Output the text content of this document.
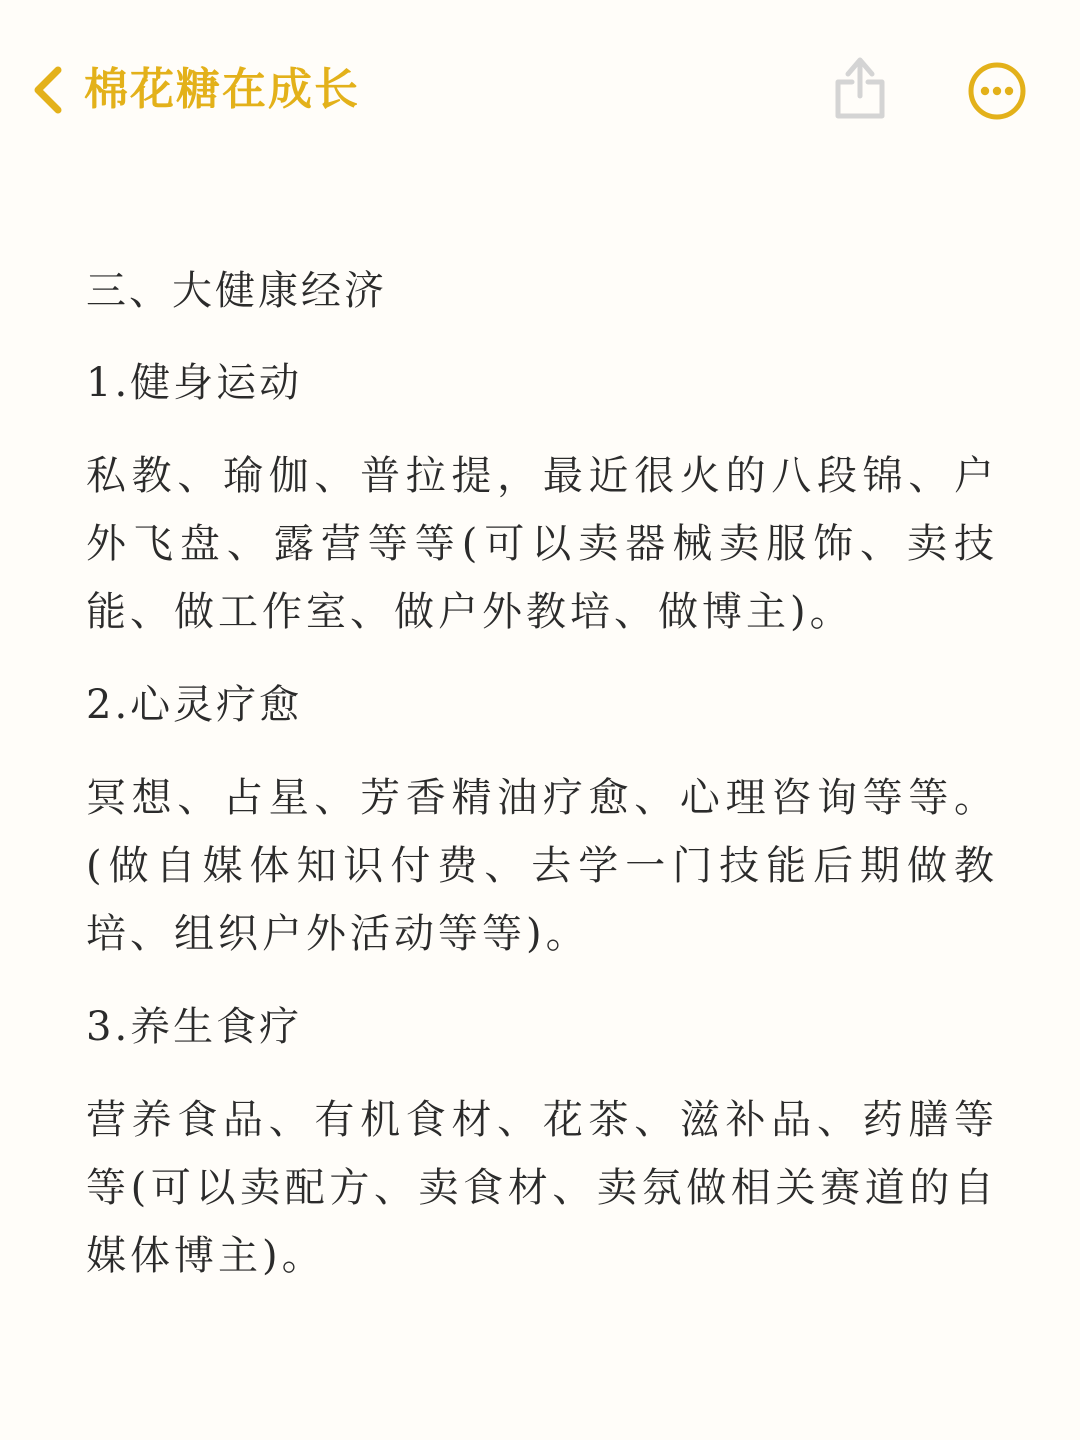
棉花糖在成长
三、大健康经济
1.健身运动
私教、瑜伽、普拉提，最近很火的八段锦、户外飞盘、露营等等(可以卖器械卖服饰、卖技能、做工作室、做户外教培、做博主)。
2.心灵疗愈
冥想、占星、芳香精油疗愈、心理咨询等等。(做自媒体知识付费、去学一门技能后期做教培、组织户外活动等等)。
3.养生食疗
营养食品、有机食材、花茶、滋补品、药膳等等(可以卖配方、卖食材、卖氛做相关赛道的自媒体博主)。
